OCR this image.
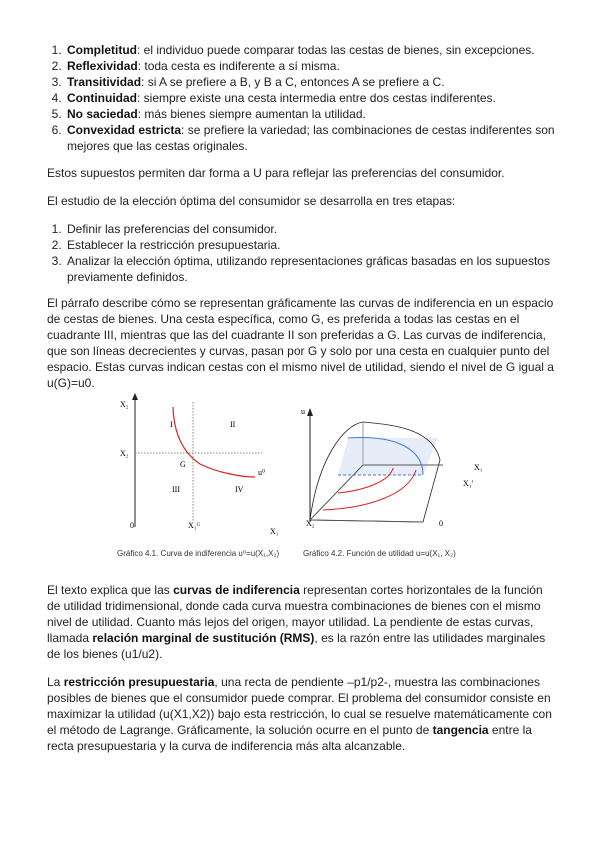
1. Completitud: el individuo puede comparar todas las cestas de bienes, sin excepciones.
2. Reflexividad: toda cesta es indiferente a sí misma.
3. Transitividad: si A se prefiere a B, y B a C, entonces A se prefiere a C.
4. Continuidad: siempre existe una cesta intermedia entre dos cestas indiferentes.
5. No saciedad: más bienes siempre aumentan la utilidad.
6. Convexidad estricta: se prefiere la variedad; las combinaciones de cestas indiferentes son mejores que las cestas originales.

Estos supuestos permiten dar forma a U para reflejar las preferencias del consumidor.

El estudio de la elección óptima del consumidor se desarrolla en tres etapas:

1. Definir las preferencias del consumidor.
2. Establecer la restricción presupuestaria.
3. Analizar la elección óptima, utilizando representaciones gráficas basadas en los supuestos previamente definidos.

El párrafo describe cómo se representan gráficamente las curvas de indiferencia en un espacio de cestas de bienes. Una cesta específica, como G, es preferida a todas las cestas en el cuadrante III, mientras que las del cuadrante II son preferidas a G. Las curvas de indiferencia, que son líneas decrecientes y curvas, pasan por G y solo por una cesta en cualquier punto del espacio. Estas curvas indican cestas con el mismo nivel de utilidad, siendo el nivel de G igual a u(G)=u0.

X₂
X₂
I	II
G
u⁰
III	IV
0	X₁ᴳ
X₁
Gráfico 4.1. Curva de indiferencia u⁰=u(X₁,X₂)
u
X₁
X₁'
X₂	0
Gráfico 4.2. Función de utilidad u=u(X₁, X₂)

El texto explica que las curvas de indiferencia representan cortes horizontales de la función de utilidad tridimensional, donde cada curva muestra combinaciones de bienes con el mismo nivel de utilidad. Cuanto más lejos del origen, mayor utilidad. La pendiente de estas curvas, llamada relación marginal de sustitución (RMS), es la razón entre las utilidades marginales de los bienes (u1/u2).

La restricción presupuestaria, una recta de pendiente –p1/p2-, muestra las combinaciones posibles de bienes que el consumidor puede comprar. El problema del consumidor consiste en maximizar la utilidad (u(X1,X2)) bajo esta restricción, lo cual se resuelve matemáticamente con el método de Lagrange. Gráficamente, la solución ocurre en el punto de tangencia entre la recta presupuestaria y la curva de indiferencia más alta alcanzable.
